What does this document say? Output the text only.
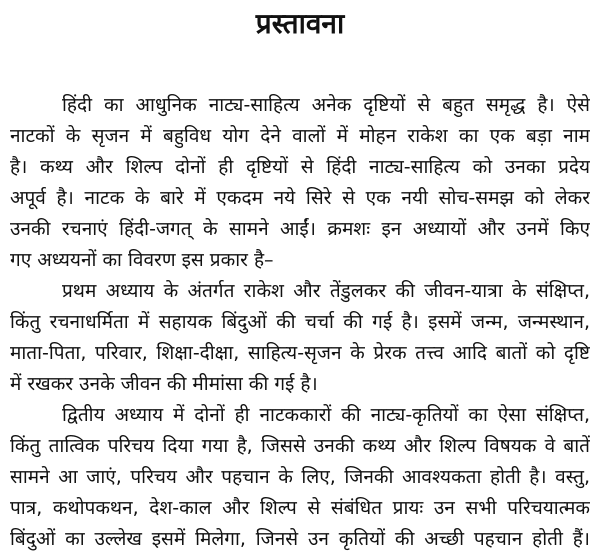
प्रस्तावना
हिंदी का आधुनिक नाट्य-साहित्य अनेक दृष्टियों से बहुत समृद्ध है। ऐसे
नाटकों के सृजन में बहुविध योग देने वालों में मोहन राकेश का एक बड़ा नाम
है। कथ्य और शिल्प दोनों ही दृष्टियों से हिंदी नाट्य-साहित्य को उनका प्रदेय
अपूर्व है। नाटक के बारे में एकदम नये सिरे से एक नयी सोच-समझ को लेकर
उनकी रचनाएं हिंदी-जगत् के सामने आईं। क्रमशः इन अध्यायों और उनमें किए
गए अध्ययनों का विवरण इस प्रकार है–
प्रथम अध्याय के अंतर्गत राकेश और तेंडुलकर की जीवन-यात्रा के संक्षिप्त,
किंतु रचनाधर्मिता में सहायक बिंदुओं की चर्चा की गई है। इसमें जन्म, जन्मस्थान,
माता-पिता, परिवार, शिक्षा-दीक्षा, साहित्य-सृजन के प्रेरक तत्त्व आदि बातों को दृष्टि
में रखकर उनके जीवन की मीमांसा की गई है।
द्वितीय अध्याय में दोनों ही नाटककारों की नाट्य-कृतियों का ऐसा संक्षिप्त,
किंतु तात्विक परिचय दिया गया है, जिससे उनकी कथ्य और शिल्प विषयक वे बातें
सामने आ जाएं, परिचय और पहचान के लिए, जिनकी आवश्यकता होती है। वस्तु,
पात्र, कथोपकथन, देश-काल और शिल्प से संबंधित प्रायः उन सभी परिचयात्मक
बिंदुओं का उल्लेख इसमें मिलेगा, जिनसे उन कृतियों की अच्छी पहचान होती हैं।
